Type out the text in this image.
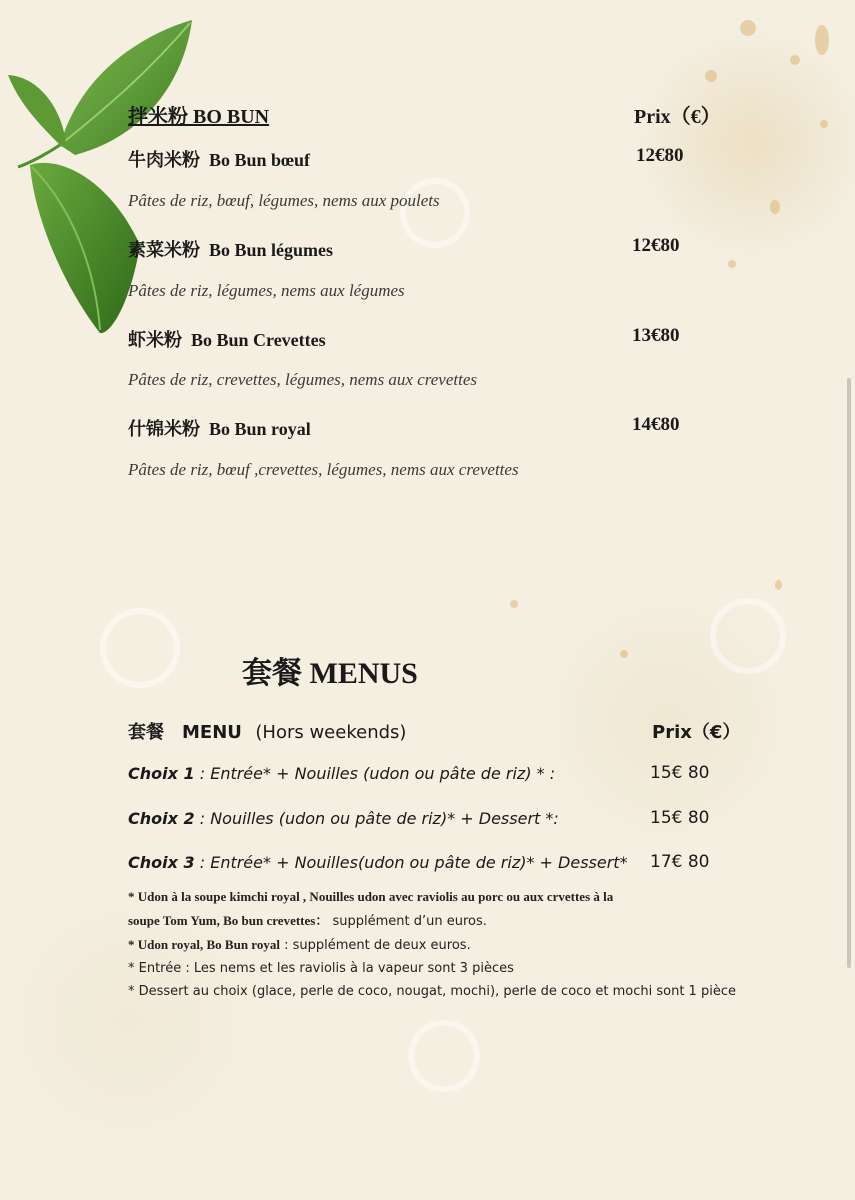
拌米粉 BO BUN	Prix（€）
牛肉米粉 Bo Bun bœuf	12€80
Pâtes de riz, bœuf, légumes, nems aux poulets
素菜米粉 Bo Bun légumes	12€80
Pâtes de riz, légumes, nems aux légumes
虾米粉 Bo Bun Crevettes	13€80
Pâtes de riz, crevettes, légumes, nems aux crevettes
什锦米粉 Bo Bun royal	14€80
Pâtes de riz, bœuf ,crevettes, légumes, nems aux crevettes
套餐 MENUS
套餐 MENU (Hors weekends)	Prix（€）
Choix 1 : Entrée* + Nouilles (udon ou pâte de riz) * :	15€ 80
Choix 2 : Nouilles (udon ou pâte de riz)* + Dessert *:	15€ 80
Choix 3 : Entrée* + Nouilles(udon ou pâte de riz)* + Dessert* 17€ 80
* Udon à la soupe kimchi royal , Nouilles udon avec raviolis au porc ou aux crvettes à la
soupe Tom Yum, Bo bun crevettes： supplément d’un euros.
* Udon royal, Bo Bun royal : supplément de deux euros.
* Entrée : Les nems et les raviolis à la vapeur sont 3 pièces
* Dessert au choix (glace, perle de coco, nougat, mochi), perle de coco et mochi sont 1 pièce
